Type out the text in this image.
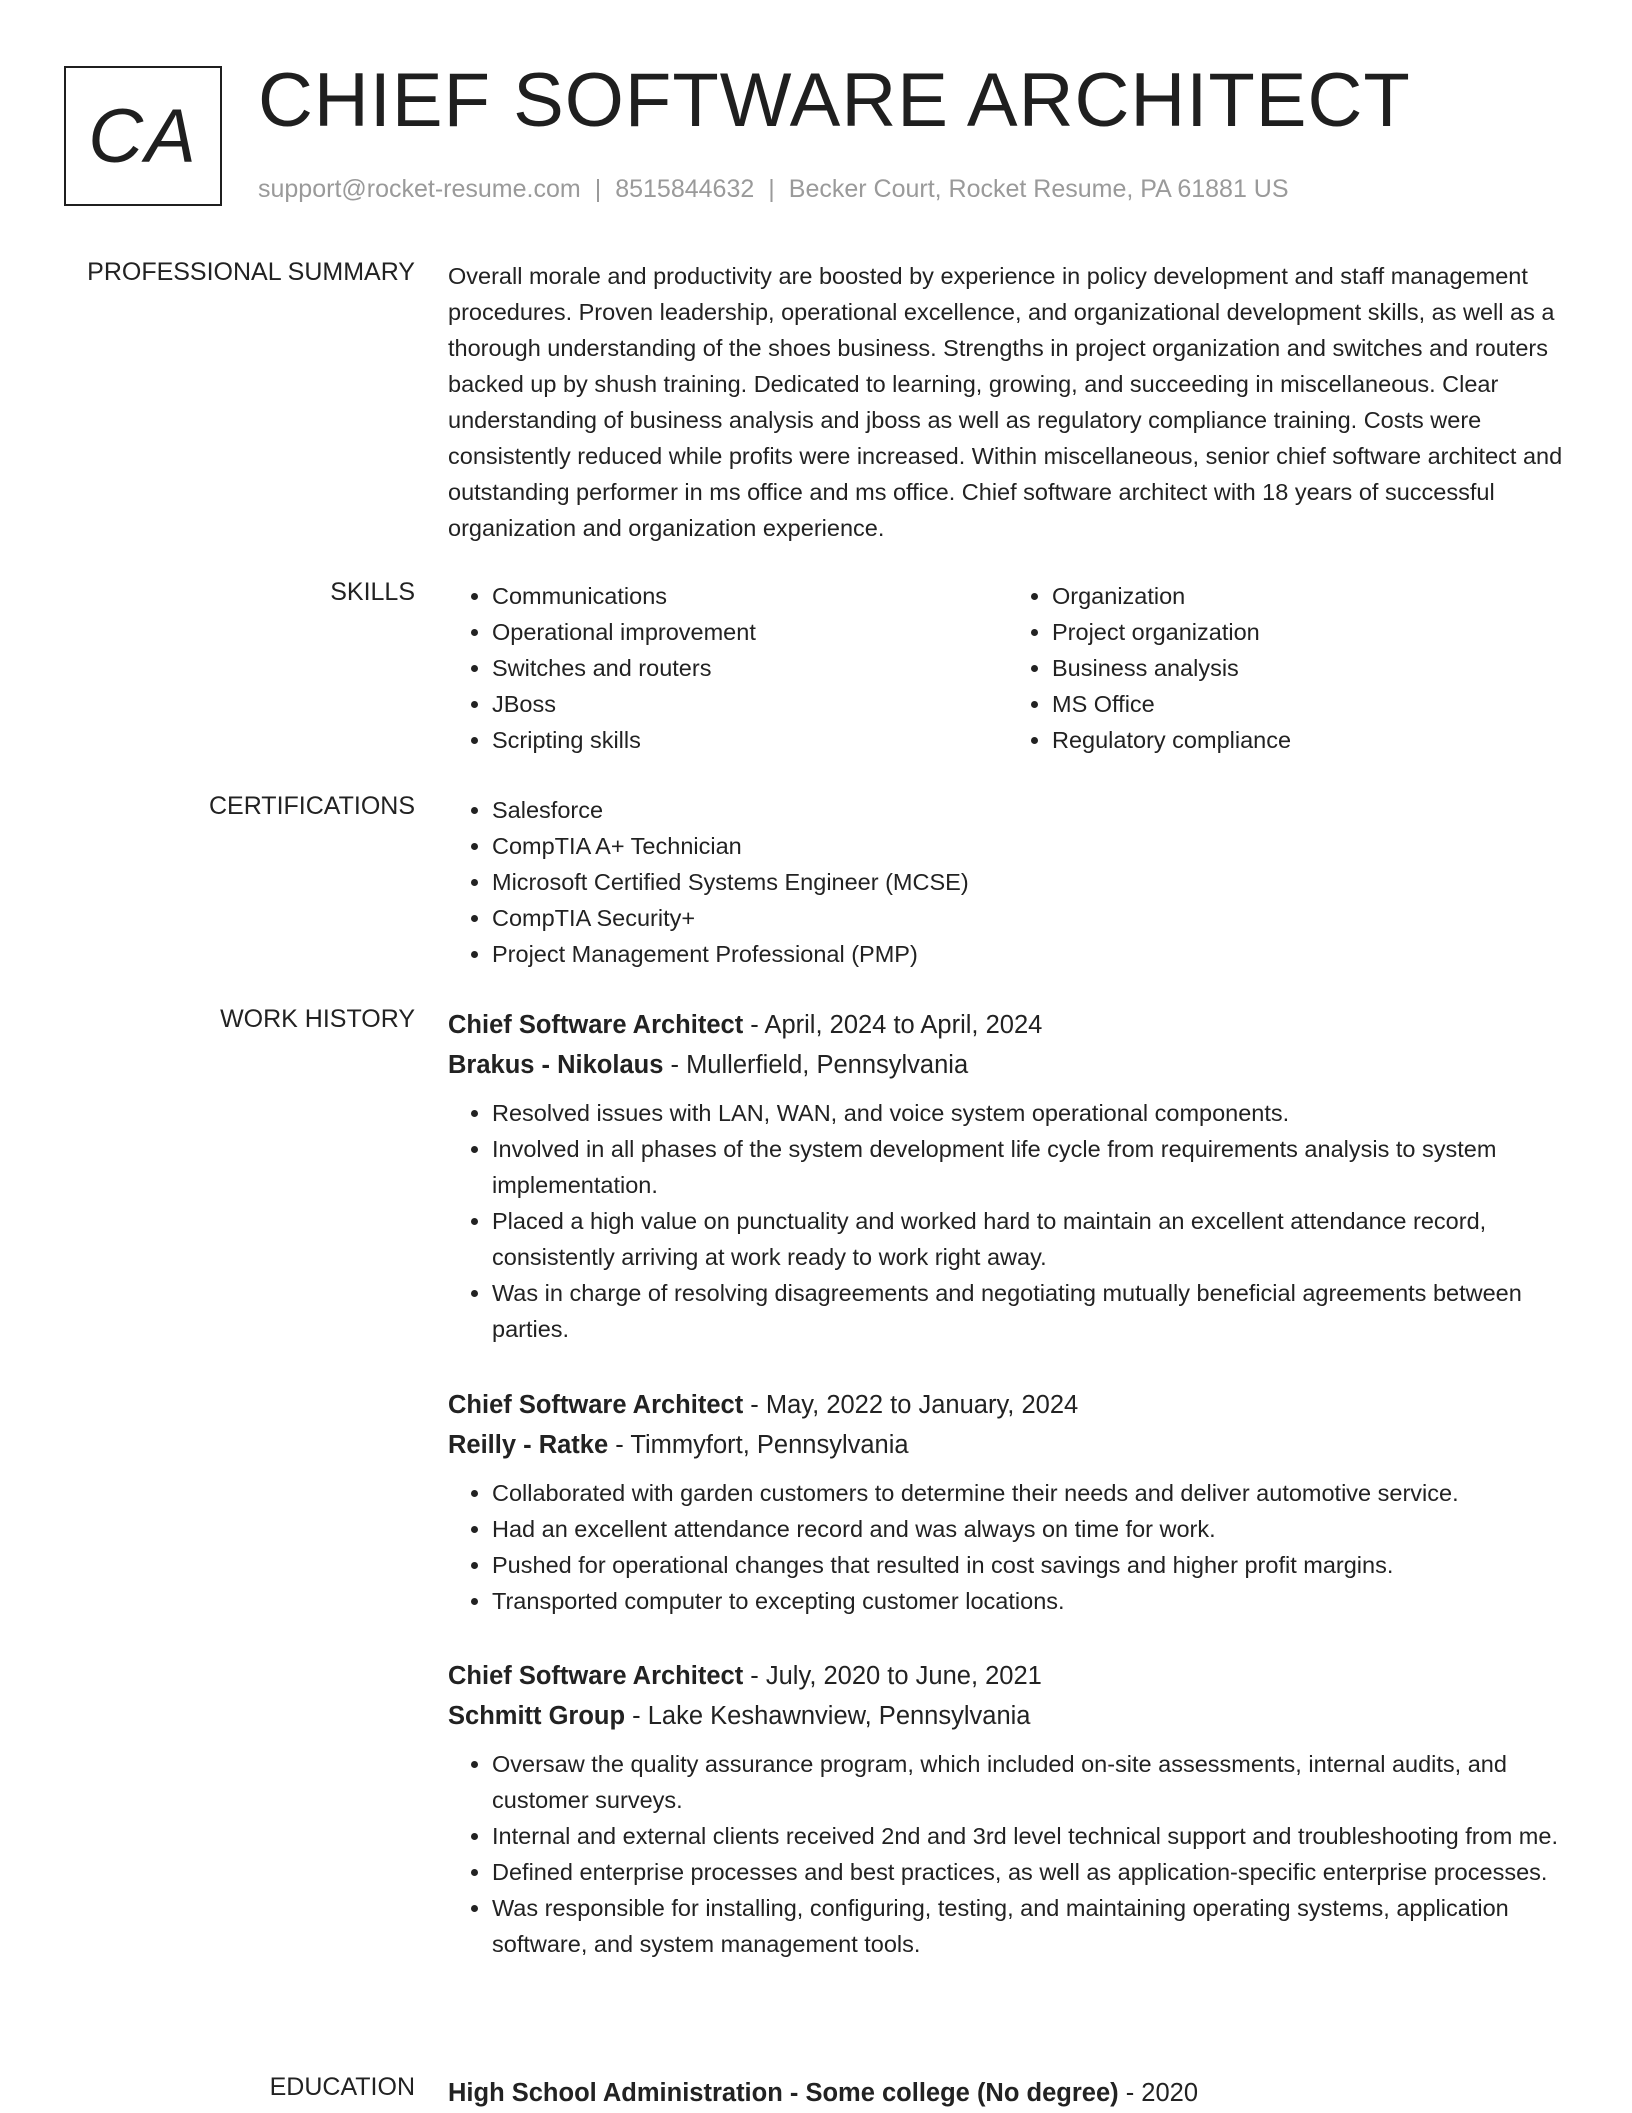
CA CHIEF SOFTWARE ARCHITECT
support@rocket-resume.com | 8515844632 | Becker Court, Rocket Resume, PA 61881 US
PROFESSIONAL SUMMARY Overall morale and productivity are boosted by experience in policy development and staff management procedures. Proven leadership, operational excellence, and organizational development skills, as well as a thorough understanding of the shoes business. Strengths in project organization and switches and routers backed up by shush training. Dedicated to learning, growing, and succeeding in miscellaneous. Clear understanding of business analysis and jboss as well as regulatory compliance training. Costs were consistently reduced while profits were increased. Within miscellaneous, senior chief software architect and outstanding performer in ms office and ms office. Chief software architect with 18 years of successful organization and organization experience.
SKILLS	• Communications
• Operational improvement
• Switches and routers
• JBoss
• Scripting skills
• Organization
• Project organization
• Business analysis
• MS Office
• Regulatory compliance
CERTIFICATIONS	• Salesforce
• CompTIA A+ Technician
• Microsoft Certified Systems Engineer (MCSE)
• CompTIA Security+
• Project Management Professional (PMP)
WORK HISTORY Chief Software Architect - April, 2024 to April, 2024
Brakus - Nikolaus - Mullerfield, Pennsylvania
• Resolved issues with LAN, WAN, and voice system operational components.
• Involved in all phases of the system development life cycle from requirements analysis to system implementation.
• Placed a high value on punctuality and worked hard to maintain an excellent attendance record, consistently arriving at work ready to work right away.
• Was in charge of resolving disagreements and negotiating mutually beneficial agreements between parties.
Chief Software Architect - May, 2022 to January, 2024
Reilly - Ratke - Timmyfort, Pennsylvania
• Collaborated with garden customers to determine their needs and deliver automotive service.
• Had an excellent attendance record and was always on time for work.
• Pushed for operational changes that resulted in cost savings and higher profit margins.
• Transported computer to excepting customer locations.
Chief Software Architect - July, 2020 to June, 2021
Schmitt Group - Lake Keshawnview, Pennsylvania
• Oversaw the quality assurance program, which included on-site assessments, internal audits, and customer surveys.
• Internal and external clients received 2nd and 3rd level technical support and troubleshooting from me.
• Defined enterprise processes and best practices, as well as application-specific enterprise processes.
• Was responsible for installing, configuring, testing, and maintaining operating systems, application software, and system management tools.
EDUCATION High School Administration - Some college (No degree) - 2020
